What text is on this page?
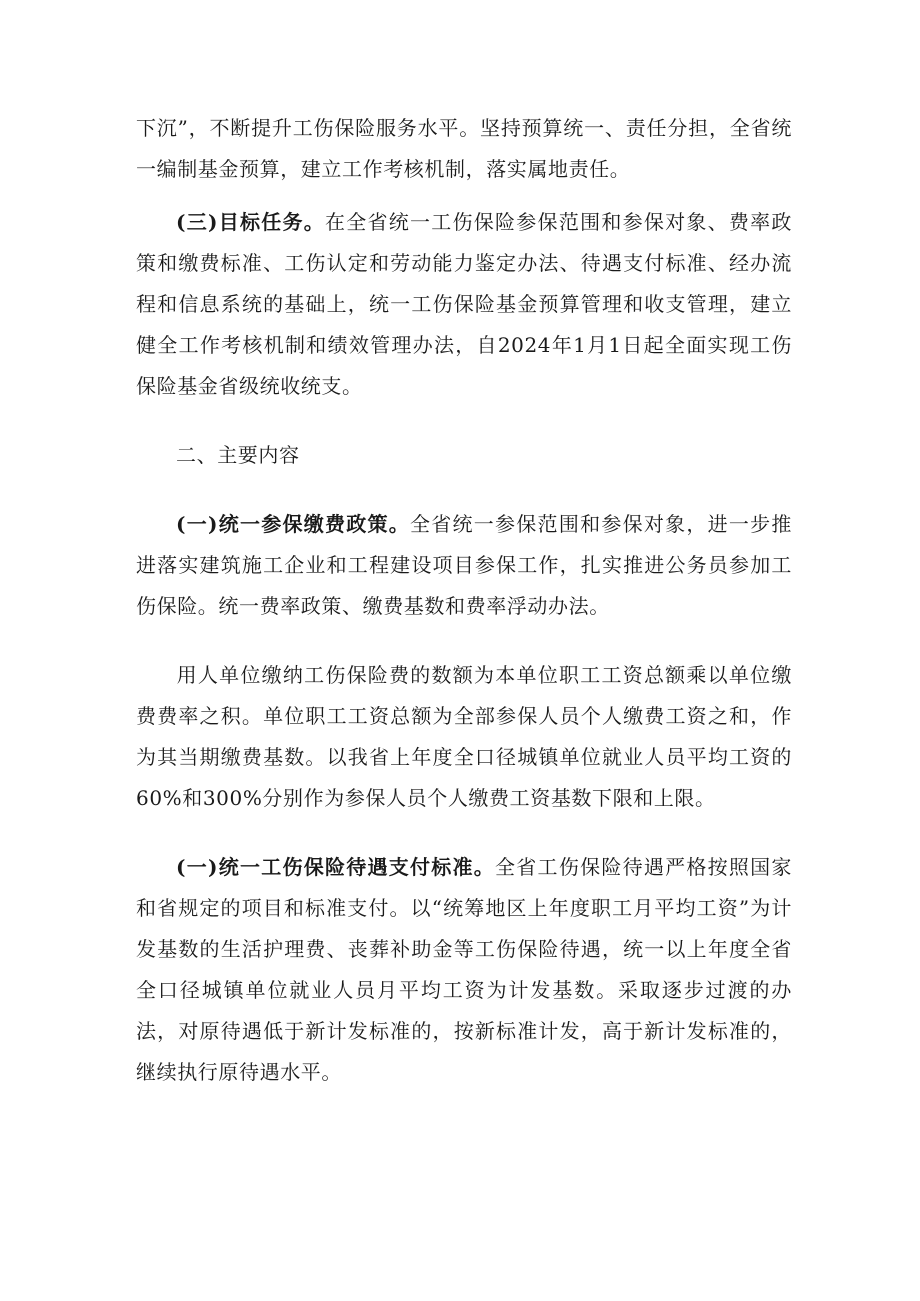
下沉”，不断提升工伤保险服务水平。坚持预算统一、责任分担，全省统一编制基金预算，建立工作考核机制，落实属地责任。

(三)目标任务。在全省统一工伤保险参保范围和参保对象、费率政策和缴费标准、工伤认定和劳动能力鉴定办法、待遇支付标准、经办流程和信息系统的基础上，统一工伤保险基金预算管理和收支管理，建立健全工作考核机制和绩效管理办法，自2024年1月1日起全面实现工伤保险基金省级统收统支。

二、主要内容

(一)统一参保缴费政策。全省统一参保范围和参保对象，进一步推进落实建筑施工企业和工程建设项目参保工作，扎实推进公务员参加工伤保险。统一费率政策、缴费基数和费率浮动办法。

用人单位缴纳工伤保险费的数额为本单位职工工资总额乘以单位缴费费率之积。单位职工工资总额为全部参保人员个人缴费工资之和，作为其当期缴费基数。以我省上年度全口径城镇单位就业人员平均工资的60%和300%分别作为参保人员个人缴费工资基数下限和上限。

(一)统一工伤保险待遇支付标准。全省工伤保险待遇严格按照国家和省规定的项目和标准支付。以“统筹地区上年度职工月平均工资”为计发基数的生活护理费、丧葬补助金等工伤保险待遇，统一以上年度全省全口径城镇单位就业人员月平均工资为计发基数。采取逐步过渡的办法，对原待遇低于新计发标准的，按新标准计发，高于新计发标准的，继续执行原待遇水平。
